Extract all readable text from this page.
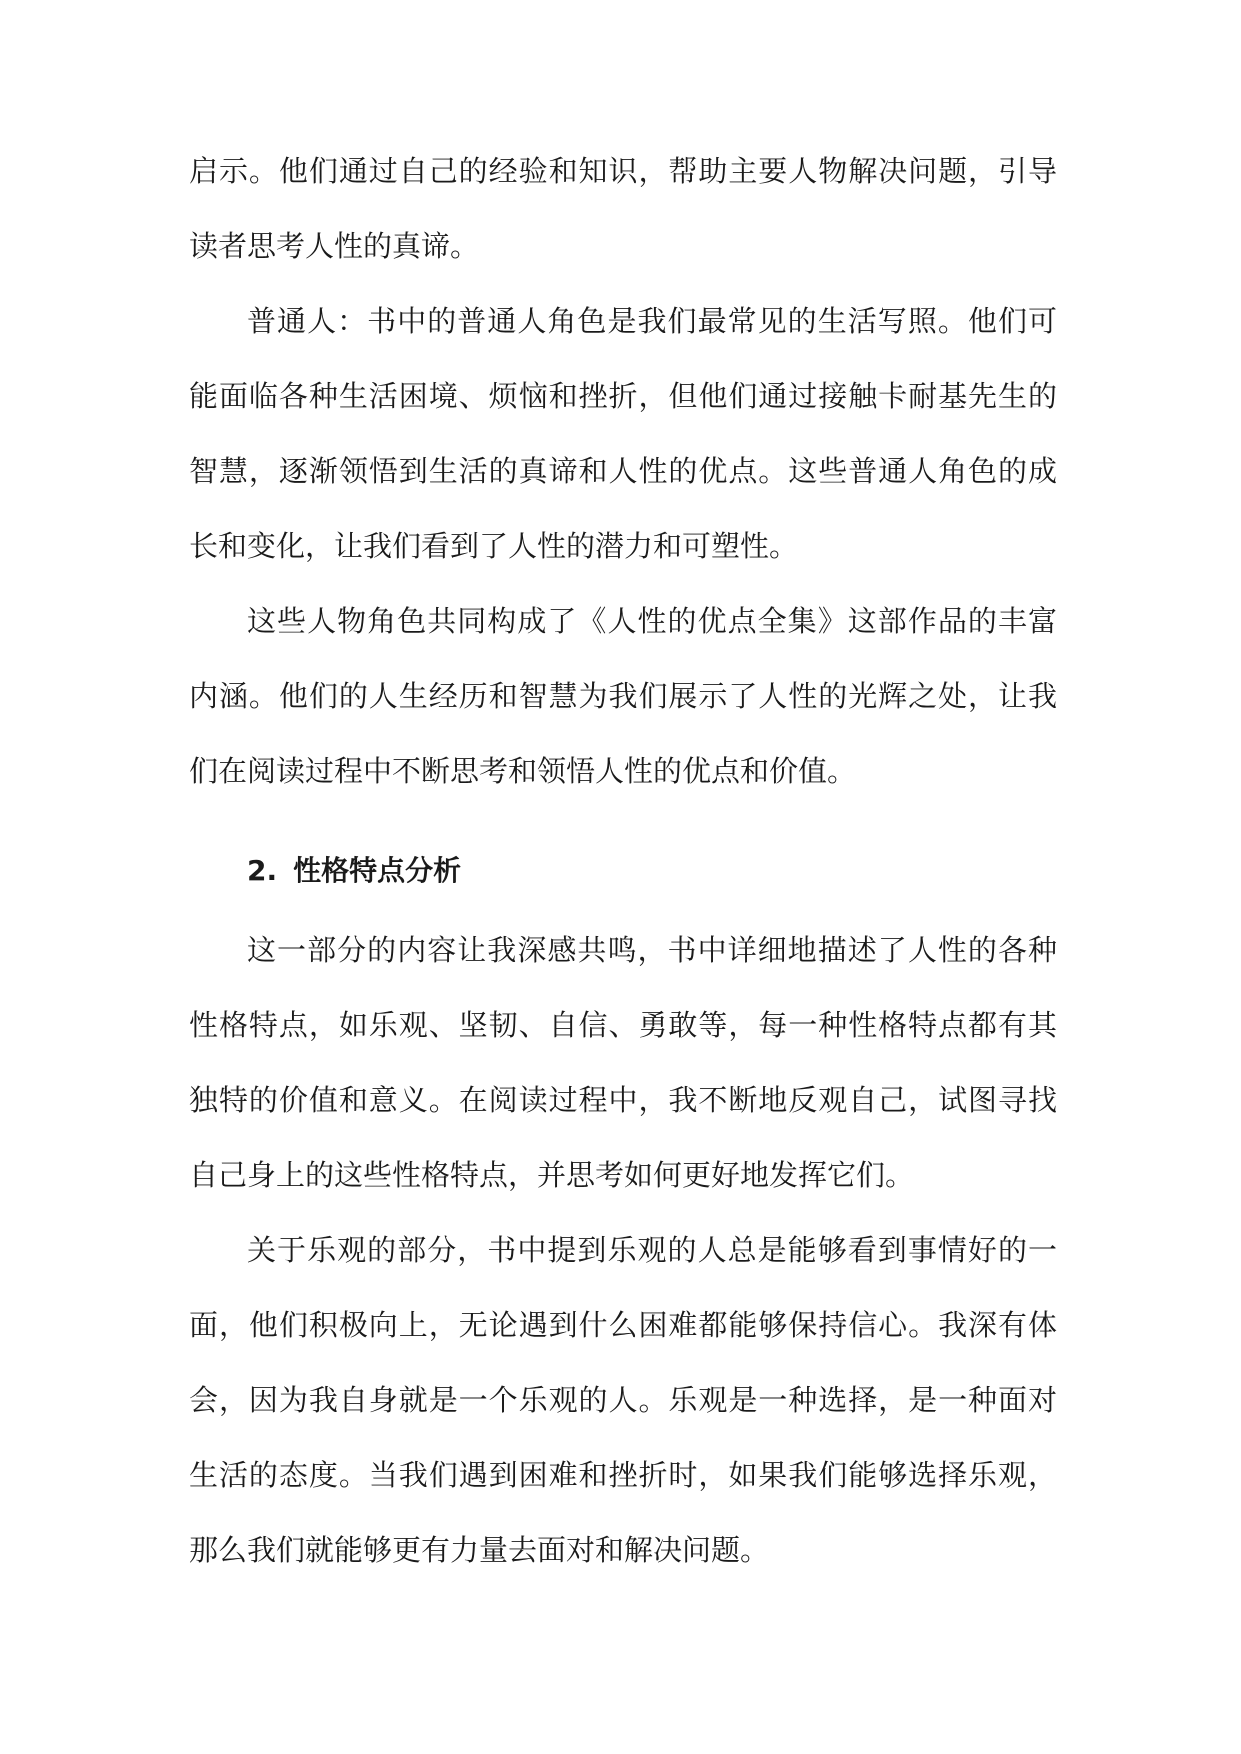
启示。他们通过自己的经验和知识，帮助主要人物解决问题，引导读者思考人性的真谛。

普通人：书中的普通人角色是我们最常见的生活写照。他们可能面临各种生活困境、烦恼和挫折，但他们通过接触卡耐基先生的智慧，逐渐领悟到生活的真谛和人性的优点。这些普通人角色的成长和变化，让我们看到了人性的潜力和可塑性。

这些人物角色共同构成了《人性的优点全集》这部作品的丰富内涵。他们的人生经历和智慧为我们展示了人性的光辉之处，让我们在阅读过程中不断思考和领悟人性的优点和价值。

2. 性格特点分析

这一部分的内容让我深感共鸣，书中详细地描述了人性的各种性格特点，如乐观、坚韧、自信、勇敢等，每一种性格特点都有其独特的价值和意义。在阅读过程中，我不断地反观自己，试图寻找自己身上的这些性格特点，并思考如何更好地发挥它们。

关于乐观的部分，书中提到乐观的人总是能够看到事情好的一面，他们积极向上，无论遇到什么困难都能够保持信心。我深有体会，因为我自身就是一个乐观的人。乐观是一种选择，是一种面对生活的态度。当我们遇到困难和挫折时，如果我们能够选择乐观，那么我们就能够更有力量去面对和解决问题。
